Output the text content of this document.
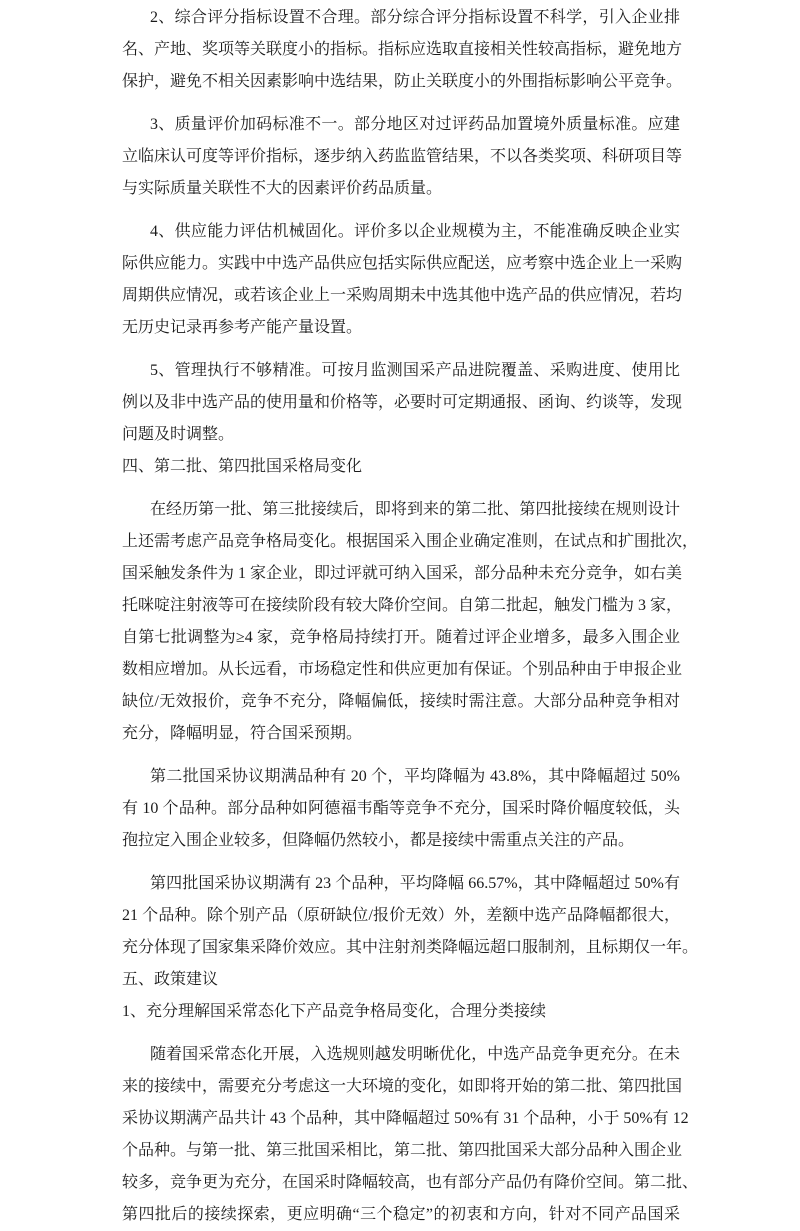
2、综合评分指标设置不合理。部分综合评分指标设置不科学，引入企业排
名、产地、奖项等关联度小的指标。指标应选取直接相关性较高指标，避免地方
保护，避免不相关因素影响中选结果，防止关联度小的外围指标影响公平竞争。
3、质量评价加码标准不一。部分地区对过评药品加置境外质量标准。应建
立临床认可度等评价指标，逐步纳入药监监管结果，不以各类奖项、科研项目等
与实际质量关联性不大的因素评价药品质量。
4、供应能力评估机械固化。评价多以企业规模为主，不能准确反映企业实
际供应能力。实践中中选产品供应包括实际供应配送，应考察中选企业上一采购
周期供应情况，或若该企业上一采购周期未中选其他中选产品的供应情况，若均
无历史记录再参考产能产量设置。
5、管理执行不够精准。可按月监测国采产品进院覆盖、采购进度、使用比
例以及非中选产品的使用量和价格等，必要时可定期通报、函询、约谈等，发现
问题及时调整。
四、第二批、第四批国采格局变化
在经历第一批、第三批接续后，即将到来的第二批、第四批接续在规则设计
上还需考虑产品竞争格局变化。根据国采入围企业确定准则，在试点和扩围批次，
国采触发条件为 1 家企业，即过评就可纳入国采，部分品种未充分竞争，如右美
托咪啶注射液等可在接续阶段有较大降价空间。自第二批起，触发门槛为 3 家，
自第七批调整为≥4 家，竞争格局持续打开。随着过评企业增多，最多入围企业
数相应增加。从长远看，市场稳定性和供应更加有保证。个别品种由于申报企业
缺位/无效报价，竞争不充分，降幅偏低，接续时需注意。大部分品种竞争相对
充分，降幅明显，符合国采预期。
第二批国采协议期满品种有 20 个，平均降幅为 43.8%，其中降幅超过 50%
有 10 个品种。部分品种如阿德福韦酯等竞争不充分，国采时降价幅度较低，头
孢拉定入围企业较多，但降幅仍然较小，都是接续中需重点关注的产品。
第四批国采协议期满有 23 个品种，平均降幅 66.57%，其中降幅超过 50%有
21 个品种。除个别产品（原研缺位/报价无效）外，差额中选产品降幅都很大，
充分体现了国家集采降价效应。其中注射剂类降幅远超口服制剂，且标期仅一年。
五、政策建议
1、充分理解国采常态化下产品竞争格局变化，合理分类接续
随着国采常态化开展，入选规则越发明晰优化，中选产品竞争更充分。在未
来的接续中，需要充分考虑这一大环境的变化，如即将开始的第二批、第四批国
采协议期满产品共计 43 个品种，其中降幅超过 50%有 31 个品种，小于 50%有 12
个品种。与第一批、第三批国采相比，第二批、第四批国采大部分品种入围企业
较多，竞争更为充分，在国采时降幅较高，也有部分产品仍有降价空间。第二批、
第四批后的接续探索，更应明确“三个稳定”的初衷和方向，针对不同产品国采
